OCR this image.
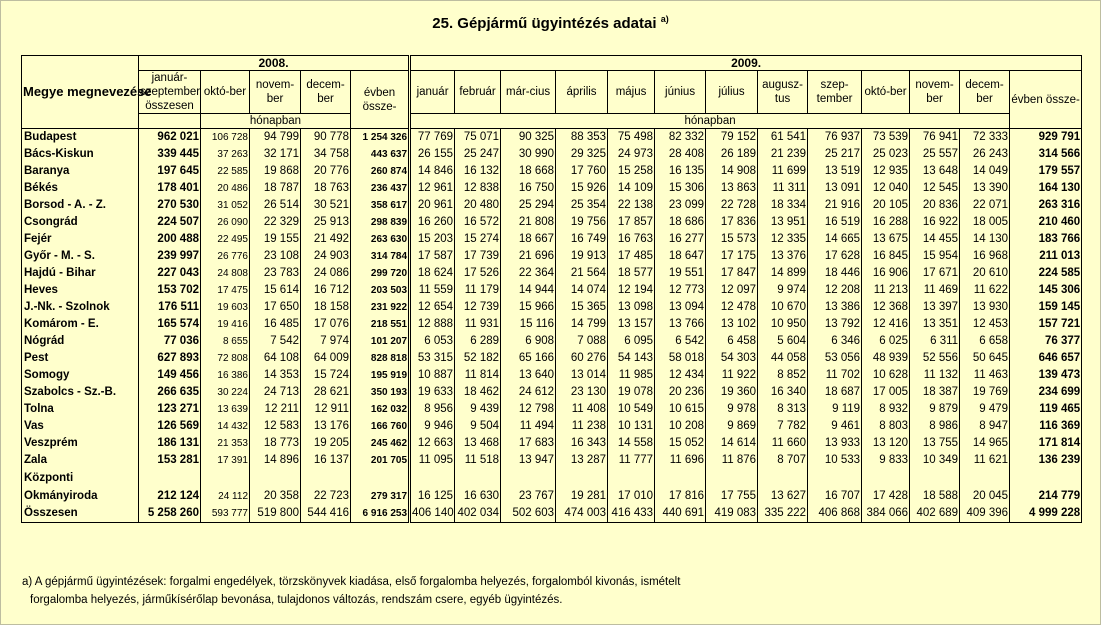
25. Gépjármű ügyintézés adatai $^{a)}$
Megye megnevezése	2008.					2009.												
	január-szeptember összesen	októ-ber	novem-ber	decem-ber	évben össze-	január	február	már-cius	április	május	június	július	augusz-tus	szep-tember	októ-ber	novem-ber	decem-ber	évben össze-
		hónapban				hónapban												
Budapest	962 021	106 728	94 799	90 778	1 254 326	77 769	75 071	90 325	88 353	75 498	82 332	79 152	61 541	76 937	73 539	76 941	72 333	929 791
Bács-Kiskun	339 445	37 263	32 171	34 758	443 637	26 155	25 247	30 990	29 325	24 973	28 408	26 189	21 239	25 217	25 023	25 557	26 243	314 566
Baranya	197 645	22 585	19 868	20 776	260 874	14 846	16 132	18 668	17 760	15 258	16 135	14 908	11 699	13 519	12 935	13 648	14 049	179 557
Békés	178 401	20 486	18 787	18 763	236 437	12 961	12 838	16 750	15 926	14 109	15 306	13 863	11 311	13 091	12 040	12 545	13 390	164 130
Borsod - A. - Z.	270 530	31 052	26 514	30 521	358 617	20 961	20 480	25 294	25 354	22 138	23 099	22 728	18 334	21 916	20 105	20 836	22 071	263 316
Csongrád	224 507	26 090	22 329	25 913	298 839	16 260	16 572	21 808	19 756	17 857	18 686	17 836	13 951	16 519	16 288	16 922	18 005	210 460
Fejér	200 488	22 495	19 155	21 492	263 630	15 203	15 274	18 667	16 749	16 763	16 277	15 573	12 335	14 665	13 675	14 455	14 130	183 766
Győr - M. - S.	239 997	26 776	23 108	24 903	314 784	17 587	17 739	21 696	19 913	17 485	18 647	17 175	13 376	17 628	16 845	15 954	16 968	211 013
Hajdú - Bihar	227 043	24 808	23 783	24 086	299 720	18 624	17 526	22 364	21 564	18 577	19 551	17 847	14 899	18 446	16 906	17 671	20 610	224 585
Heves	153 702	17 475	15 614	16 712	203 503	11 559	11 179	14 944	14 074	12 194	12 773	12 097	9 974	12 208	11 213	11 469	11 622	145 306
J.-Nk. - Szolnok	176 511	19 603	17 650	18 158	231 922	12 654	12 739	15 966	15 365	13 098	13 094	12 478	10 670	13 386	12 368	13 397	13 930	159 145
Komárom - E.	165 574	19 416	16 485	17 076	218 551	12 888	11 931	15 116	14 799	13 157	13 766	13 102	10 950	13 792	12 416	13 351	12 453	157 721
Nógrád	77 036	8 655	7 542	7 974	101 207	6 053	6 289	6 908	7 088	6 095	6 542	6 458	5 604	6 346	6 025	6 311	6 658	76 377
Pest	627 893	72 808	64 108	64 009	828 818	53 315	52 182	65 166	60 276	54 143	58 018	54 303	44 058	53 056	48 939	52 556	50 645	646 657
Somogy	149 456	16 386	14 353	15 724	195 919	10 887	11 814	13 640	13 014	11 985	12 434	11 922	8 852	11 702	10 628	11 132	11 463	139 473
Szabolcs - Sz.-B.	266 635	30 224	24 713	28 621	350 193	19 633	18 462	24 612	23 130	19 078	20 236	19 360	16 340	18 687	17 005	18 387	19 769	234 699
Tolna	123 271	13 639	12 211	12 911	162 032	8 956	9 439	12 798	11 408	10 549	10 615	9 978	8 313	9 119	8 932	9 879	9 479	119 465
Vas	126 569	14 432	12 583	13 176	166 760	9 946	9 504	11 494	11 238	10 131	10 208	9 869	7 782	9 461	8 803	8 986	8 947	116 369
Veszprém	186 131	21 353	18 773	19 205	245 462	12 663	13 468	17 683	16 343	14 558	15 052	14 614	11 660	13 933	13 120	13 755	14 965	171 814
Zala	153 281	17 391	14 896	16 137	201 705	11 095	11 518	13 947	13 287	11 777	11 696	11 876	8 707	10 533	9 833	10 349	11 621	136 239

Központi
Okmányiroda	212 124	24 112	20 358	22 723	279 317	16 125	16 630	23 767	19 281	17 010	17 816	17 755	13 627	16 707	17 428	18 588	20 045	214 779
Összesen	5 258 260	593 777	519 800	544 416	6 916 253	406 140	402 034	502 603	474 003	416 433	440 691	419 083	335 222	406 868	384 066	402 689	409 396	4 999 228
a) A gépjármű ügyintézések: forgalmi engedélyek, törzskönyvek kiadása, első forgalomba helyezés, forgalomból kivonás, ismételt
forgalomba helyezés, járműkísérőlap bevonása, tulajdonos változás, rendszám csere, egyéb ügyintézés.
